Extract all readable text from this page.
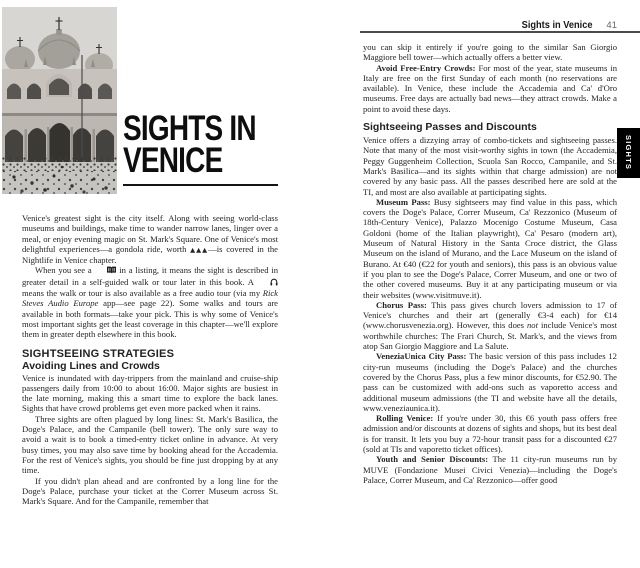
SIGHTS IN
VENICE
Sights in Venice 41
SIGHTS

Venice's greatest sight is the city itself. Along with seeing world-class museums and buildings, make time to wander narrow lanes, linger over a meal, or enjoy evening magic on St. Mark's Square. One of Venice's most delightful experiences—a gondola ride, worth ▲▲▲—is covered in the Nightlife in Venice chapter.

When you see a	in a listing, it means the sight is described in greater detail in a self-guided walk or tour later in this book. A  means the walk or tour is also available as a free audio tour (via my Rick Steves Audio Europe app—see page 22). Some walks and tours are available in both formats—take your pick. This is why some of Venice's most important sights get the least coverage in this chapter—we'll explore them in greater depth elsewhere in this book.

SIGHTSEEING STRATEGIES
Avoiding Lines and Crowds

Venice is inundated with day-trippers from the mainland and cruise-ship passengers daily from 10:00 to about 16:00. Major sights are busiest in the late morning, making this a smart time to explore the back lanes. Sights that have crowd problems get even more packed when it rains.

Three sights are often plagued by long lines: St. Mark's Basilica, the Doge's Palace, and the Campanile (bell tower). The only sure way to avoid a wait is to book a timed-entry ticket online in advance. At very busy times, you may also save time by booking ahead for the Accademia. For the rest of Venice's sights, you should be fine just dropping by at any time.

If you didn't plan ahead and are confronted by a long line for the Doge's Palace, purchase your ticket at the Correr Museum across St. Mark's Square. And for the Campanile, remember that

you can skip it entirely if you're going to the similar San Giorgio Maggiore bell tower—which actually offers a better view.

Avoid Free-Entry Crowds: For most of the year, state museums in Italy are free on the first Sunday of each month (no reservations are available). In Venice, these include the Accademia and Ca' d'Oro museums. Free days are actually bad news—they attract crowds. Make a point to avoid these days.

Sightseeing Passes and Discounts

Venice offers a dizzying array of combo-tickets and sightseeing passes. Note that many of the most visit-worthy sights in town (the Accademia, Peggy Guggenheim Collection, Scuola San Rocco, Campanile, and St. Mark's Basilica—and its sights within that charge admission) are not covered by any basic pass. All the passes described here are sold at the TI, and most are also available at participating sights.

Museum Pass: Busy sightseers may find value in this pass, which covers the Doge's Palace, Correr Museum, Ca' Rezzonico (Museum of 18th-Century Venice), Palazzo Mocenigo Costume Museum, Casa Goldoni (home of the Italian playwright), Ca' Pesaro (modern art), Museum of Natural History in the Santa Croce district, the Glass Museum on the island of Murano, and the Lace Museum on the island of Burano. At €40 (€22 for youth and seniors), this pass is an obvious value if you plan to see the Doge's Palace, Correr Museum, and one or two of the other covered museums. Buy it at any participating museum or via their websites (www.visitmuve.it).

Chorus Pass: This pass gives church lovers admission to 17 of Venice's churches and their art (generally €3-4 each) for €14 (www.chorusvenezia.org). However, this does not include Venice's most worthwhile churches: The Frari Church, St. Mark's, and the views from atop San Giorgio Maggiore and La Salute.

VeneziaUnica City Pass: The basic version of this pass includes 12 city-run museums (including the Doge's Palace) and the churches covered by the Chorus Pass, plus a few minor discounts, for €52.90. The pass can be customized with add-ons such as vaporetto access and additional museum admissions (the TI and website have all the details, www.veneziaunica.it).

Rolling Venice: If you're under 30, this €6 youth pass offers free admission and/or discounts at dozens of sights and shops, but its best deal is for transit. It lets you buy a 72-hour transit pass for a discounted €27 (sold at TIs and vaporetto ticket offices).

Youth and Senior Discounts: The 11 city-run museums run by MUVE (Fondazione Musei Civici Venezia)—including the Doge's Palace, Correr Museum, and Ca' Rezzonico—offer good
